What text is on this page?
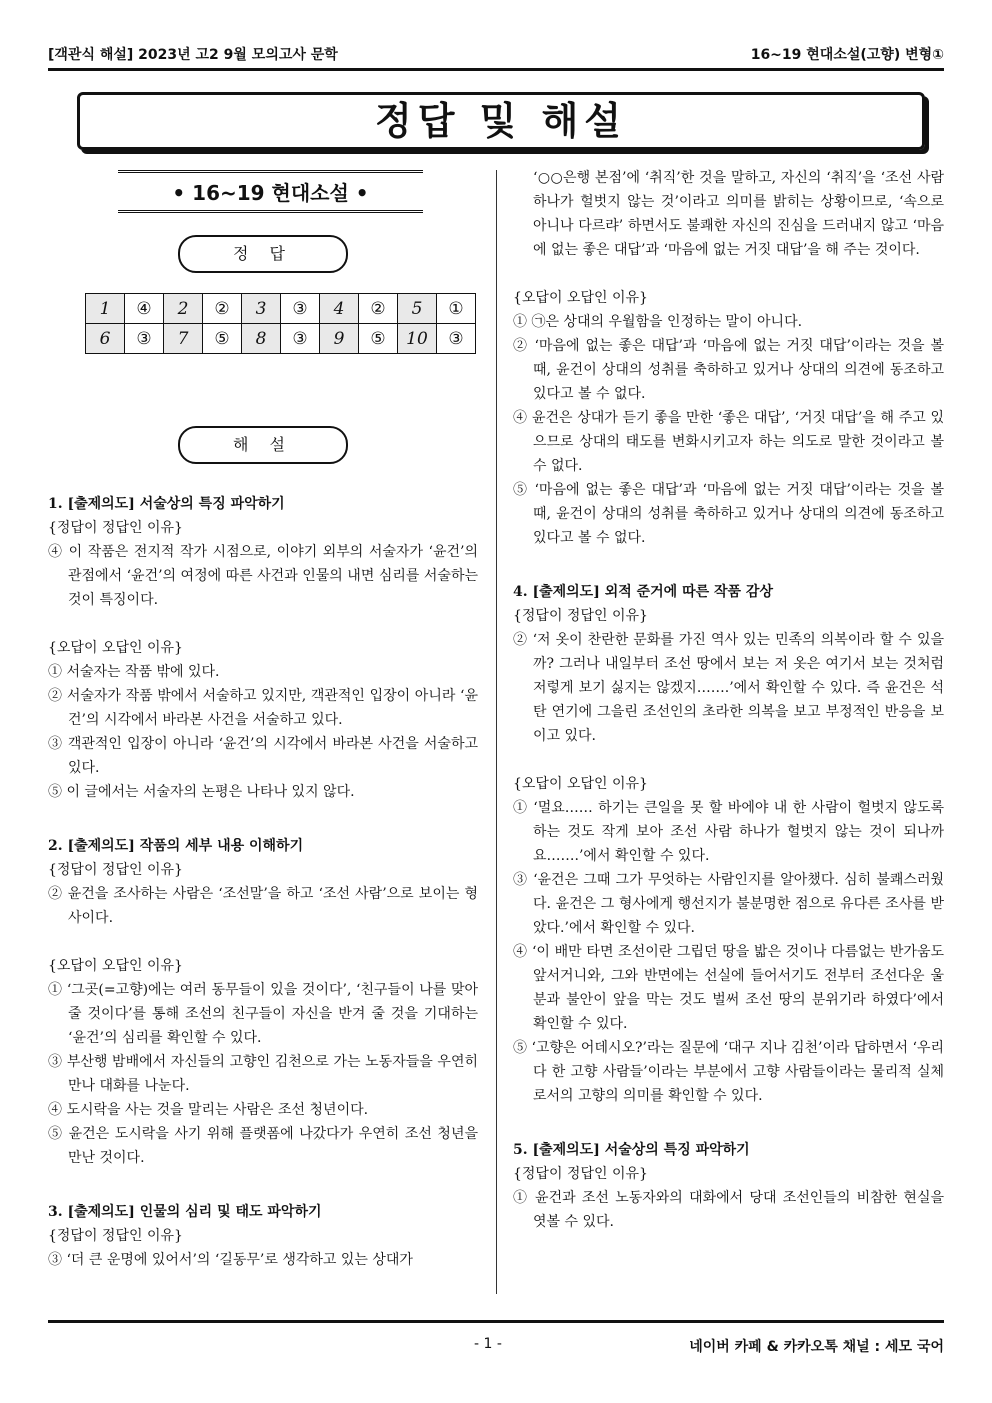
[객관식 해설] 2023년 고2 9월 모의고사 문학	16~19 현대소설(고향) 변형①
정답 및 해설
• 16~19 현대소설 •
정 답
1	④	2	②	3	③	4	②	5	①
6	③	7	⑤	8	③	9	⑤	10	③
해 설

1. [출제의도] 서술상의 특징 파악하기

{정답이 정답인 이유}

④ 이 작품은 전지적 작가 시점으로, 이야기 외부의 서술자가 ‘윤건’의 관점에서 ‘윤건’의 여정에 따른 사건과 인물의 내면 심리를 서술하는 것이 특징이다.

{오답이 오답인 이유}

① 서술자는 작품 밖에 있다.

② 서술자가 작품 밖에서 서술하고 있지만, 객관적인 입장이 아니라 ‘윤건’의 시각에서 바라본 사건을 서술하고 있다.

③ 객관적인 입장이 아니라 ‘윤건’의 시각에서 바라본 사건을 서술하고 있다.

⑤ 이 글에서는 서술자의 논평은 나타나 있지 않다.

2. [출제의도] 작품의 세부 내용 이해하기

{정답이 정답인 이유}

② 윤건을 조사하는 사람은 ‘조선말’을 하고 ‘조선 사람’으로 보이는 형사이다.

{오답이 오답인 이유}

① ‘그곳(=고향)에는 여러 동무들이 있을 것이다’, ‘친구들이 나를 맞아 줄 것이다’를 통해 조선의 친구들이 자신을 반겨 줄 것을 기대하는 ‘윤건’의 심리를 확인할 수 있다.

③ 부산행 밤배에서 자신들의 고향인 김천으로 가는 노동자들을 우연히 만나 대화를 나눈다.

④ 도시락을 사는 것을 말리는 사람은 조선 청년이다.

⑤ 윤건은 도시락을 사기 위해 플랫폼에 나갔다가 우연히 조선 청년을 만난 것이다.

3. [출제의도] 인물의 심리 및 태도 파악하기

{정답이 정답인 이유}

③ ‘더 큰 운명에 있어서’의 ‘길동무’로 생각하고 있는 상대가

‘○○은행 본점’에 ‘취직’한 것을 말하고, 자신의 ‘취직’을 ‘조선 사람 하나가 헐벗지 않는 것’이라고 의미를 밝히는 상황이므로, ‘속으로 아니나 다르랴’ 하면서도 불쾌한 자신의 진심을 드러내지 않고 ‘마음에 없는 좋은 대답’과 ‘마음에 없는 거짓 대답’을 해 주는 것이다.

{오답이 오답인 이유}

① ㉠은 상대의 우월함을 인정하는 말이 아니다.

② ‘마음에 없는 좋은 대답’과 ‘마음에 없는 거짓 대답’이라는 것을 볼 때, 윤건이 상대의 성취를 축하하고 있거나 상대의 의견에 동조하고 있다고 볼 수 없다.

④ 윤건은 상대가 듣기 좋을 만한 ‘좋은 대답’, ‘거짓 대답’을 해 주고 있으므로 상대의 태도를 변화시키고자 하는 의도로 말한 것이라고 볼 수 없다.

⑤ ‘마음에 없는 좋은 대답’과 ‘마음에 없는 거짓 대답’이라는 것을 볼 때, 윤건이 상대의 성취를 축하하고 있거나 상대의 의견에 동조하고 있다고 볼 수 없다.

4. [출제의도] 외적 준거에 따른 작품 감상

{정답이 정답인 이유}

② ‘저 옷이 찬란한 문화를 가진 역사 있는 민족의 의복이라 할 수 있을까? 그러나 내일부터 조선 땅에서 보는 저 옷은 여기서 보는 것처럼 저렇게 보기 싫지는 않겠지…….’에서 확인할 수 있다. 즉 윤건은 석탄 연기에 그을린 조선인의 초라한 의복을 보고 부정적인 반응을 보이고 있다.

{오답이 오답인 이유}

① ‘멀요…… 하기는 큰일을 못 할 바에야 내 한 사람이 헐벗지 않도록 하는 것도 작게 보아 조선 사람 하나가 헐벗지 않는 것이 되나까요…….’에서 확인할 수 있다.

③ ‘윤건은 그때 그가 무엇하는 사람인지를 알아챘다. 심히 불쾌스러웠다. 윤건은 그 형사에게 행선지가 불분명한 점으로 유다른 조사를 받았다.’에서 확인할 수 있다.

④ ‘이 배만 타면 조선이란 그립던 땅을 밟은 것이나 다름없는 반가움도 앞서거니와, 그와 반면에는 선실에 들어서기도 전부터 조선다운 울분과 불안이 앞을 막는 것도 벌써 조선 땅의 분위기라 하였다’에서 확인할 수 있다.

⑤ ‘고향은 어데시오?’라는 질문에 ‘대구 지나 김천’이라 답하면서 ‘우리 다 한 고향 사람들’이라는 부분에서 고향 사람들이라는 물리적 실체로서의 고향의 의미를 확인할 수 있다.

5. [출제의도] 서술상의 특징 파악하기

{정답이 정답인 이유}

① 윤건과 조선 노동자와의 대화에서 당대 조선인들의 비참한 현실을 엿볼 수 있다.

- 1 -	네이버 카페 & 카카오톡 채널 : 세모 국어
